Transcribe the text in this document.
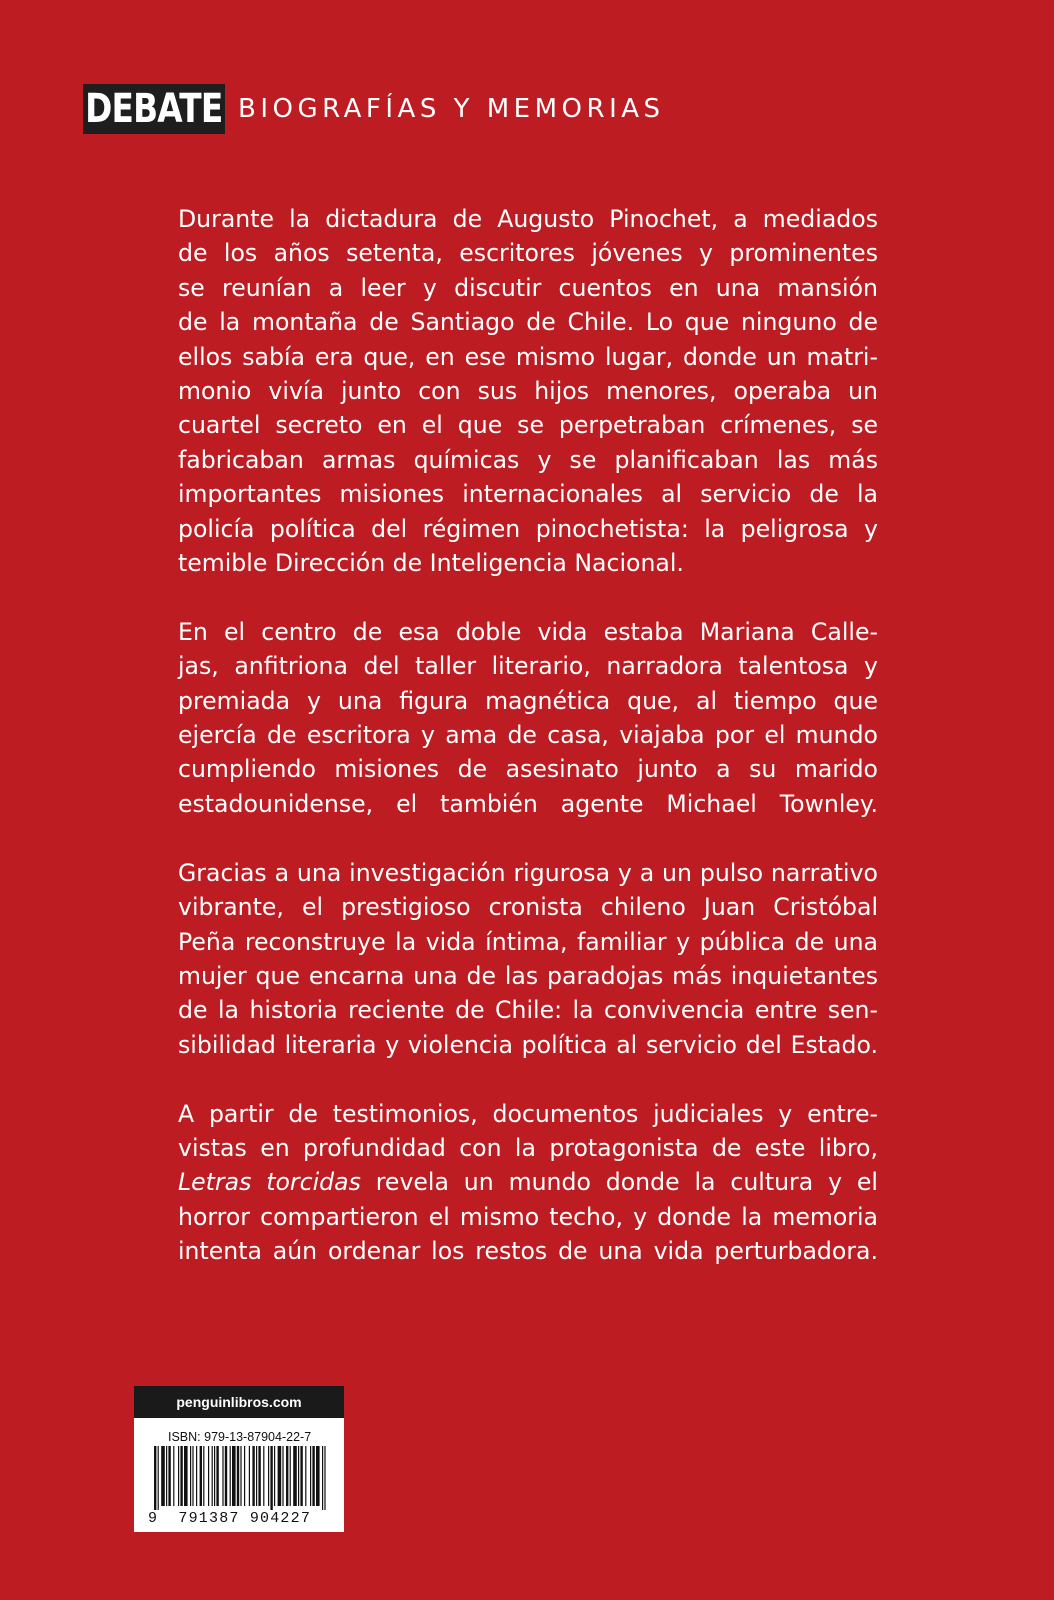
DEBATE BIOGRAFÍAS Y MEMORIAS

Durante la dictadura de Augusto Pinochet, a mediados
de los años setenta, escritores jóvenes y prominentes
se reunían a leer y discutir cuentos en una mansión
de la montaña de Santiago de Chile. Lo que ninguno de
ellos sabía era que, en ese mismo lugar, donde un matri-
monio vivía junto con sus hijos menores, operaba un
cuartel secreto en el que se perpetraban crímenes, se
fabricaban armas químicas y se planificaban las más
importantes misiones internacionales al servicio de la
policía política del régimen pinochetista: la peligrosa y
temible Dirección de Inteligencia Nacional.

En el centro de esa doble vida estaba Mariana Calle-
jas, anfitriona del taller literario, narradora talentosa y
premiada y una figura magnética que, al tiempo que
ejercía de escritora y ama de casa, viajaba por el mundo
cumpliendo misiones de asesinato junto a su marido
estadounidense, el también agente Michael Townley.

Gracias a una investigación rigurosa y a un pulso narrativo
vibrante, el prestigioso cronista chileno Juan Cristóbal
Peña reconstruye la vida íntima, familiar y pública de una
mujer que encarna una de las paradojas más inquietantes
de la historia reciente de Chile: la convivencia entre sen-
sibilidad literaria y violencia política al servicio del Estado.

A partir de testimonios, documentos judiciales y entre-
vistas en profundidad con la protagonista de este libro,
Letras torcidas revela un mundo donde la cultura y el
horror compartieron el mismo techo, y donde la memoria
intenta aún ordenar los restos de una vida perturbadora.

penguinlibros.com
ISBN: 979-13-87904-22-7
9 791387 904227
